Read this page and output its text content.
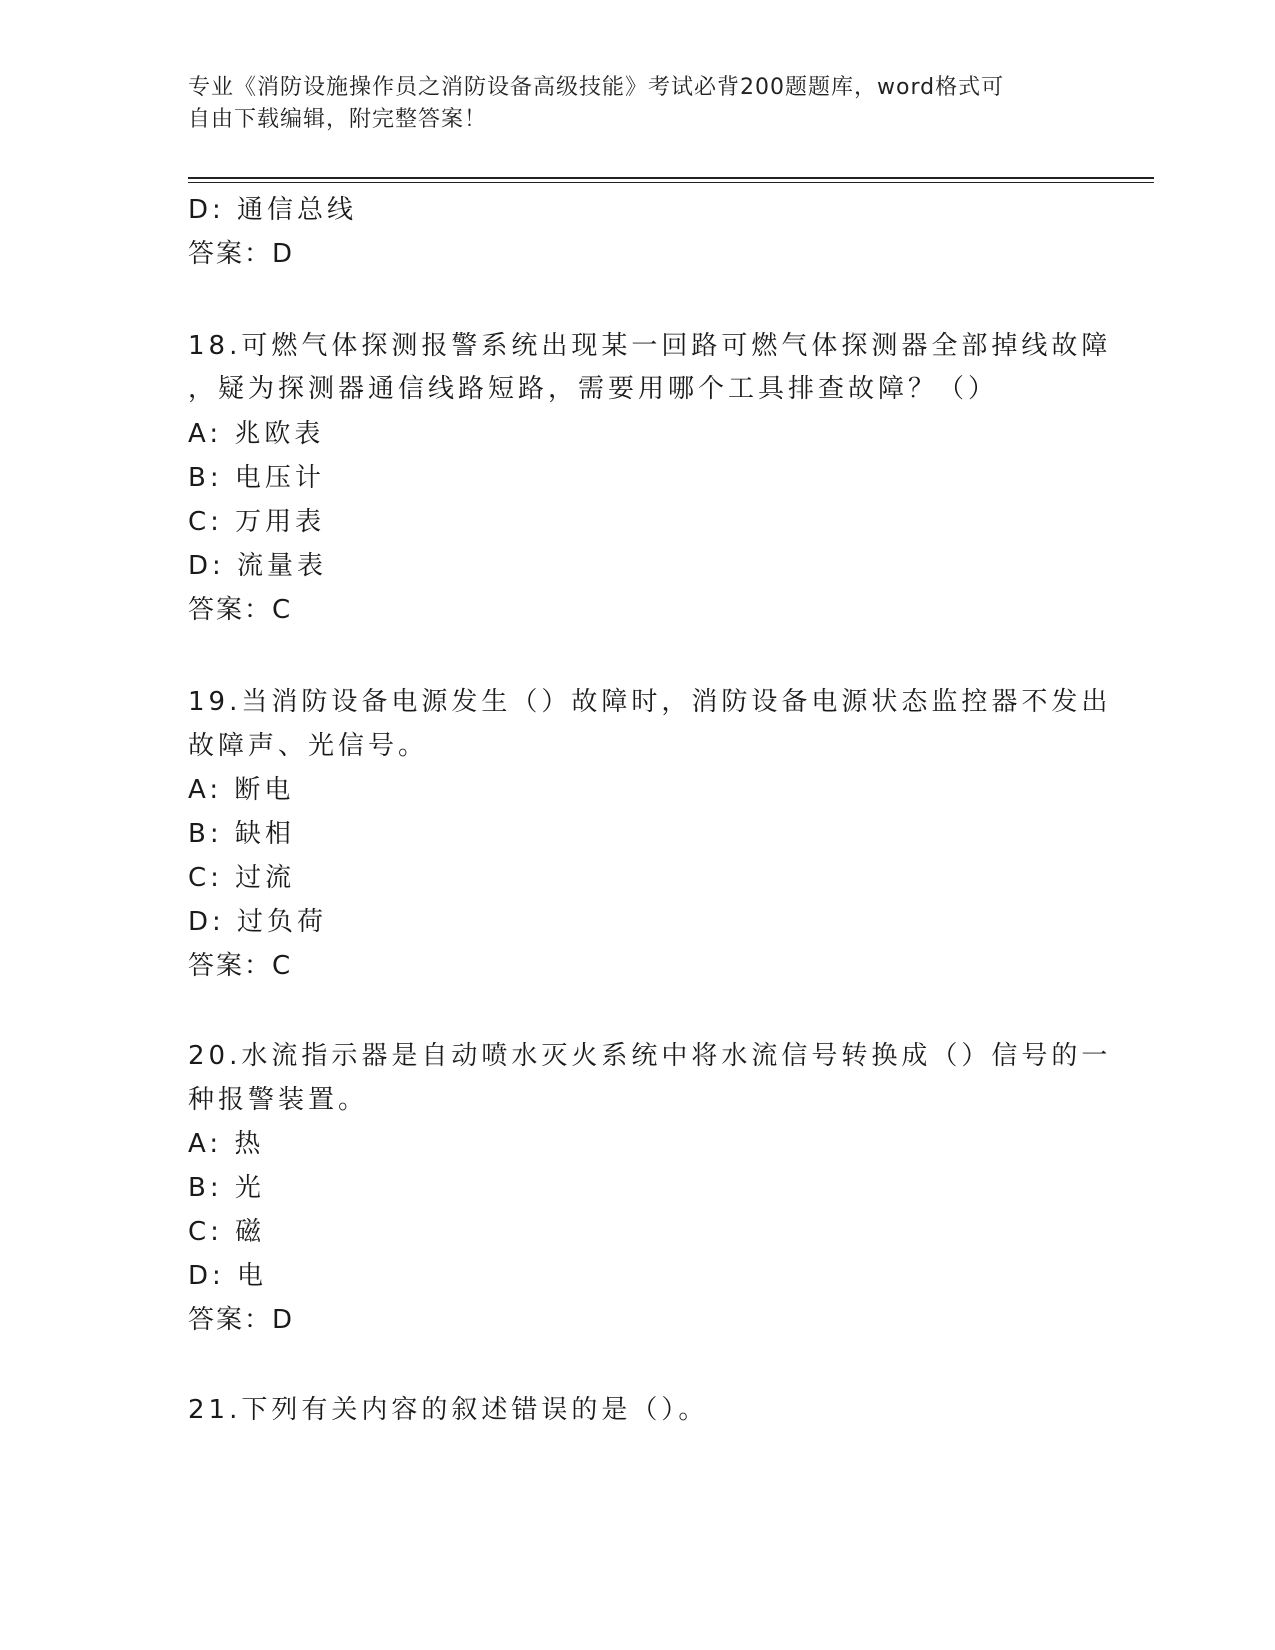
专业《消防设施操作员之消防设备高级技能》考试必背200题题库，word格式可
自由下载编辑，附完整答案！
D: 通信总线
答案：D
18.可燃气体探测报警系统出现某一回路可燃气体探测器全部掉线故障
，疑为探测器通信线路短路，需要用哪个工具排查故障？（）
A: 兆欧表
B: 电压计
C: 万用表
D: 流量表
答案：C
19.当消防设备电源发生（）故障时，消防设备电源状态监控器不发出
故障声、光信号。
A: 断电
B: 缺相
C: 过流
D: 过负荷
答案：C
20.水流指示器是自动喷水灭火系统中将水流信号转换成（）信号的一
种报警装置。
A: 热
B: 光
C: 磁
D: 电
答案：D
21.下列有关内容的叙述错误的是（）。
